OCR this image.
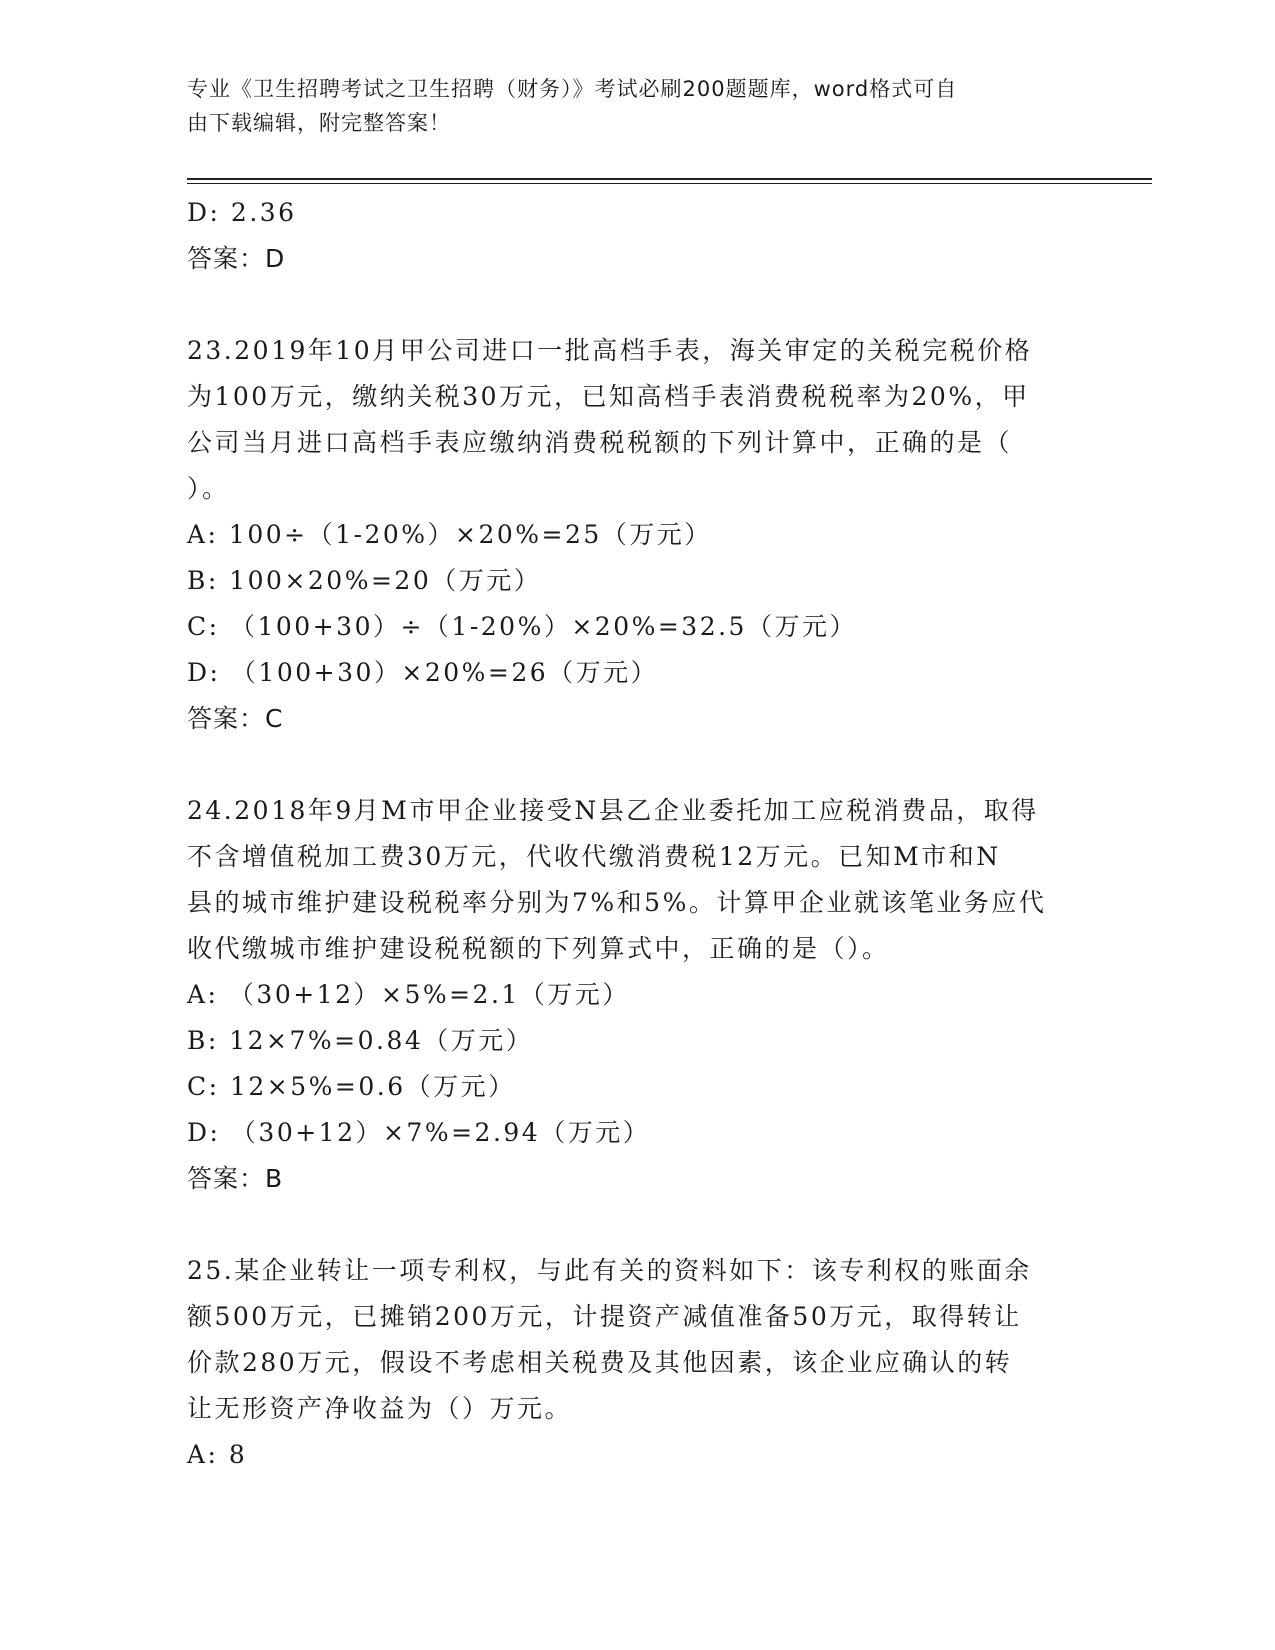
专业《卫生招聘考试之卫生招聘（财务）》考试必刷200题题库，word格式可自
由下载编辑，附完整答案！
D: 2.36
答案：D
23.2019年10月甲公司进口一批高档手表，海关审定的关税完税价格
为100万元，缴纳关税30万元，已知高档手表消费税税率为20%，甲
公司当月进口高档手表应缴纳消费税税额的下列计算中，正确的是（
）。
A: 100÷（1-20%）×20%=25（万元）
B: 100×20%=20（万元）
C: （100+30）÷（1-20%）×20%=32.5（万元）
D: （100+30）×20%=26（万元）
答案：C
24.2018年9月M市甲企业接受N县乙企业委托加工应税消费品，取得
不含增值税加工费30万元，代收代缴消费税12万元。已知M市和N
县的城市维护建设税税率分别为7%和5%。计算甲企业就该笔业务应代
收代缴城市维护建设税税额的下列算式中，正确的是（）。
A: （30+12）×5%=2.1（万元）
B: 12×7%=0.84（万元）
C: 12×5%=0.6（万元）
D: （30+12）×7%=2.94（万元）
答案：B
25.某企业转让一项专利权，与此有关的资料如下：该专利权的账面余
额500万元，已摊销200万元，计提资产减值准备50万元，取得转让
价款280万元，假设不考虑相关税费及其他因素，该企业应确认的转
让无形资产净收益为（）万元。
A: 8
